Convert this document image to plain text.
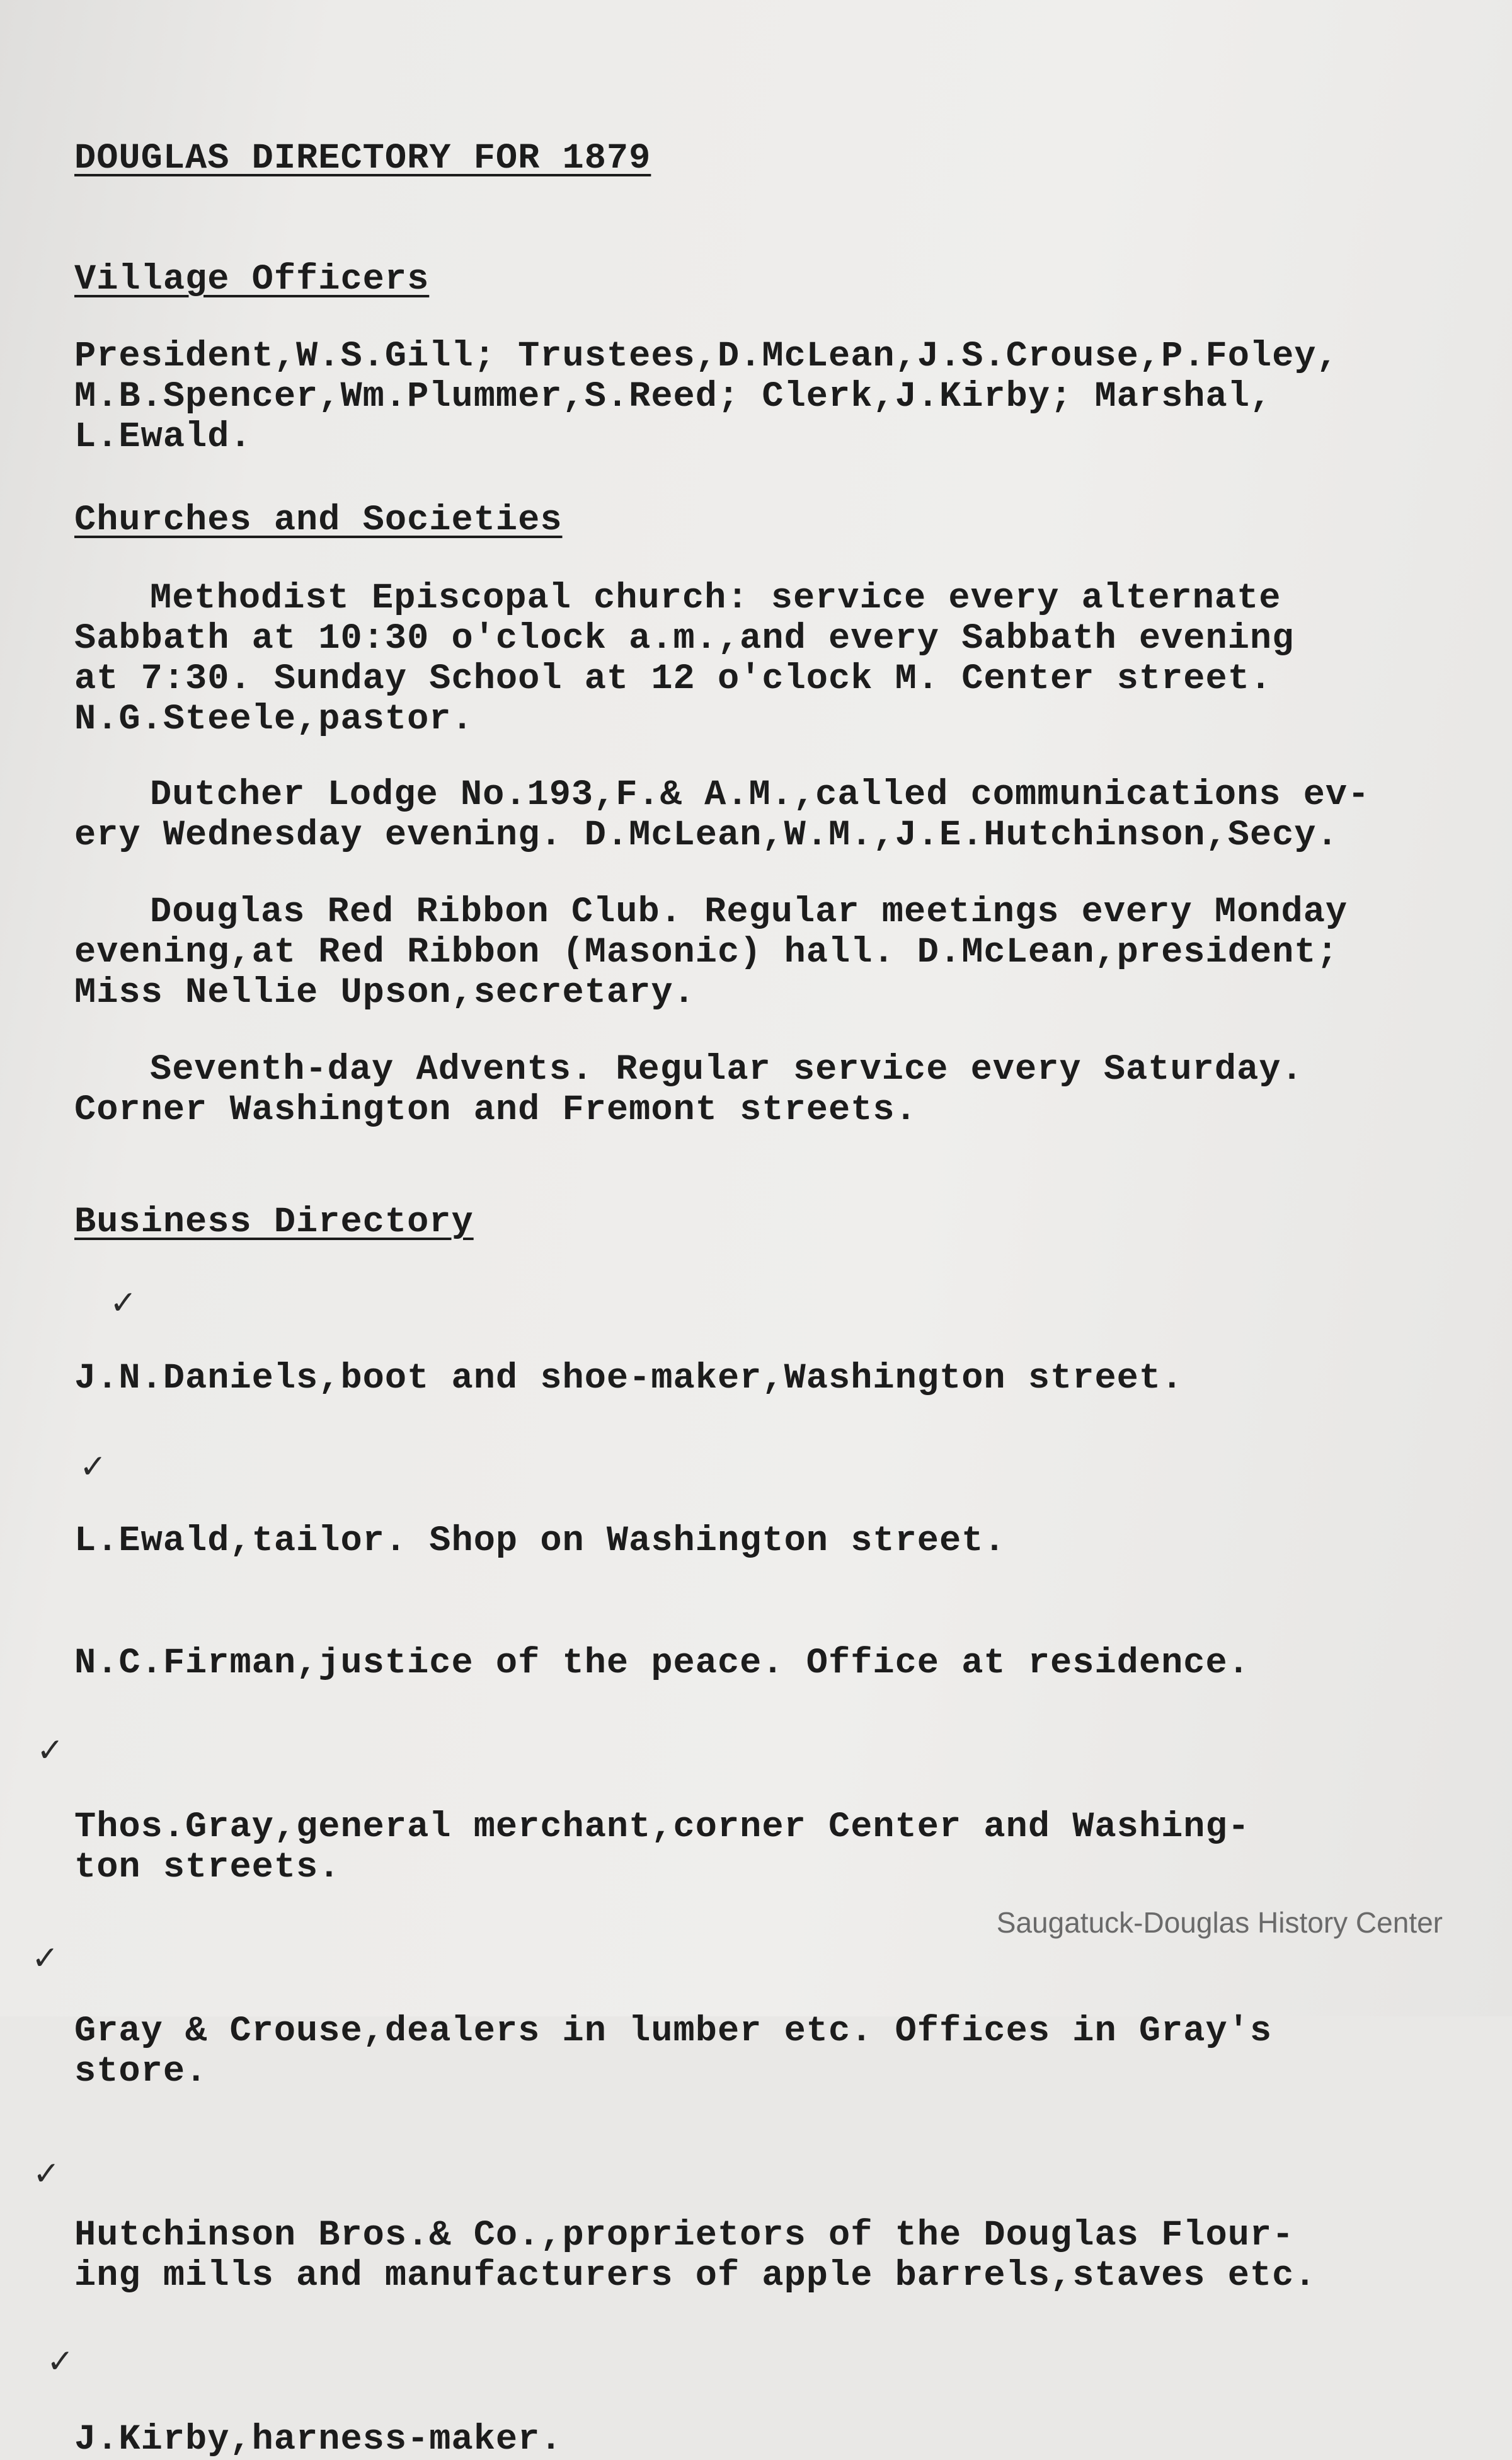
DOUGLAS DIRECTORY FOR 1879

Village Officers

President,W.S.Gill; Trustees,D.McLean,J.S.Crouse,P.Foley,
M.B.Spencer,Wm.Plummer,S.Reed; Clerk,J.Kirby; Marshal,
L.Ewald.

Churches and Societies

Methodist Episcopal church: service every alternate
Sabbath at 10:30 o'clock a.m.,and every Sabbath evening
at 7:30. Sunday School at 12 o'clock M. Center street.
N.G.Steele,pastor.

Dutcher Lodge No.193,F.& A.M.,called communications ev-
ery Wednesday evening. D.McLean,W.M.,J.E.Hutchinson,Secy.

Douglas Red Ribbon Club. Regular meetings every Monday
evening,at Red Ribbon (Masonic) hall. D.McLean,president;
Miss Nellie Upson,secretary.

Seventh-day Advents. Regular service every Saturday.
Corner Washington and Fremont streets.

Business Directory

✓

J.N.Daniels,boot and shoe-maker,Washington street.

✓

L.Ewald,tailor. Shop on Washington street.

N.C.Firman,justice of the peace. Office at residence.

✓

Thos.Gray,general merchant,corner Center and Washing-
ton streets.

✓

Gray & Crouse,dealers in lumber etc. Offices in Gray's
store.

✓

Hutchinson Bros.& Co.,proprietors of the Douglas Flour-
ing mills and manufacturers of apple barrels,staves etc.

✓

J.Kirby,harness-maker.

Saugatuck-Douglas History Center
